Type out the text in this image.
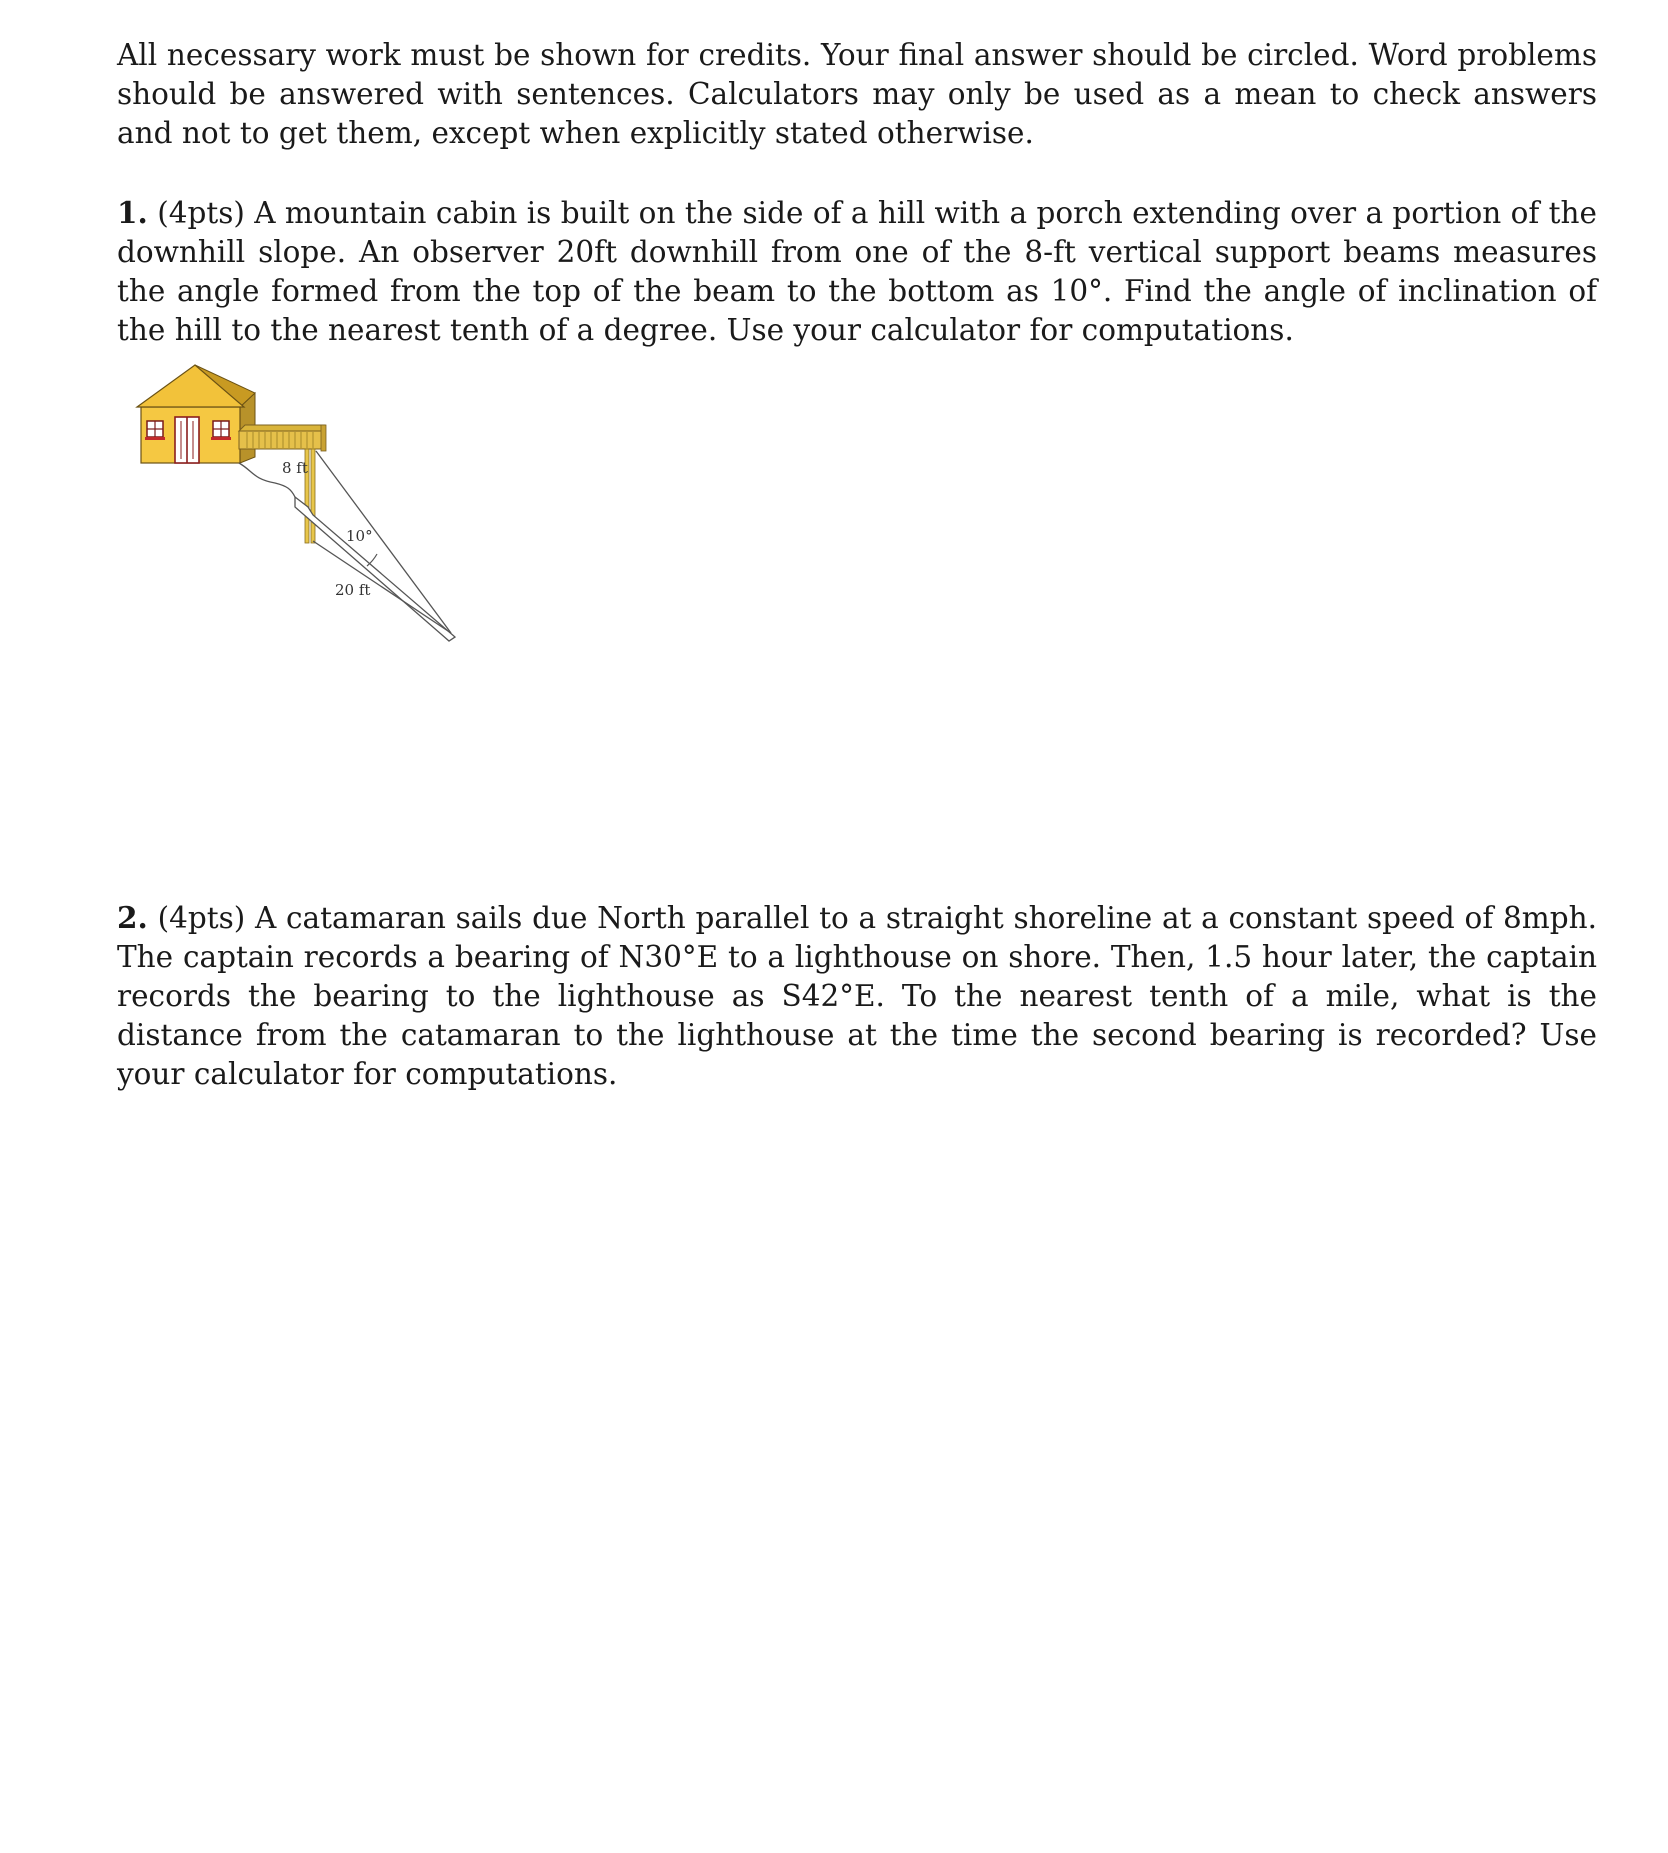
All necessary work must be shown for credits. Your final answer should be circled. Word problems should be answered with sentences. Calculators may only be used as a mean to check answers and not to get them, except when explicitly stated otherwise.

1. (4pts) A mountain cabin is built on the side of a hill with a porch extending over a portion of the downhill slope. An observer 20ft downhill from one of the 8-ft vertical support beams measures the angle formed from the top of the beam to the bottom as 10°. Find the angle of inclination of the hill to the nearest tenth of a degree. Use your calculator for computations.

8 ft
10°
20 ft

2. (4pts) A catamaran sails due North parallel to a straight shoreline at a constant speed of 8mph. The captain records a bearing of N30°E to a lighthouse on shore. Then, 1.5 hour later, the captain records the bearing to the lighthouse as S42°E. To the nearest tenth of a mile, what is the distance from the catamaran to the lighthouse at the time the second bearing is recorded? Use your calculator for computations.
